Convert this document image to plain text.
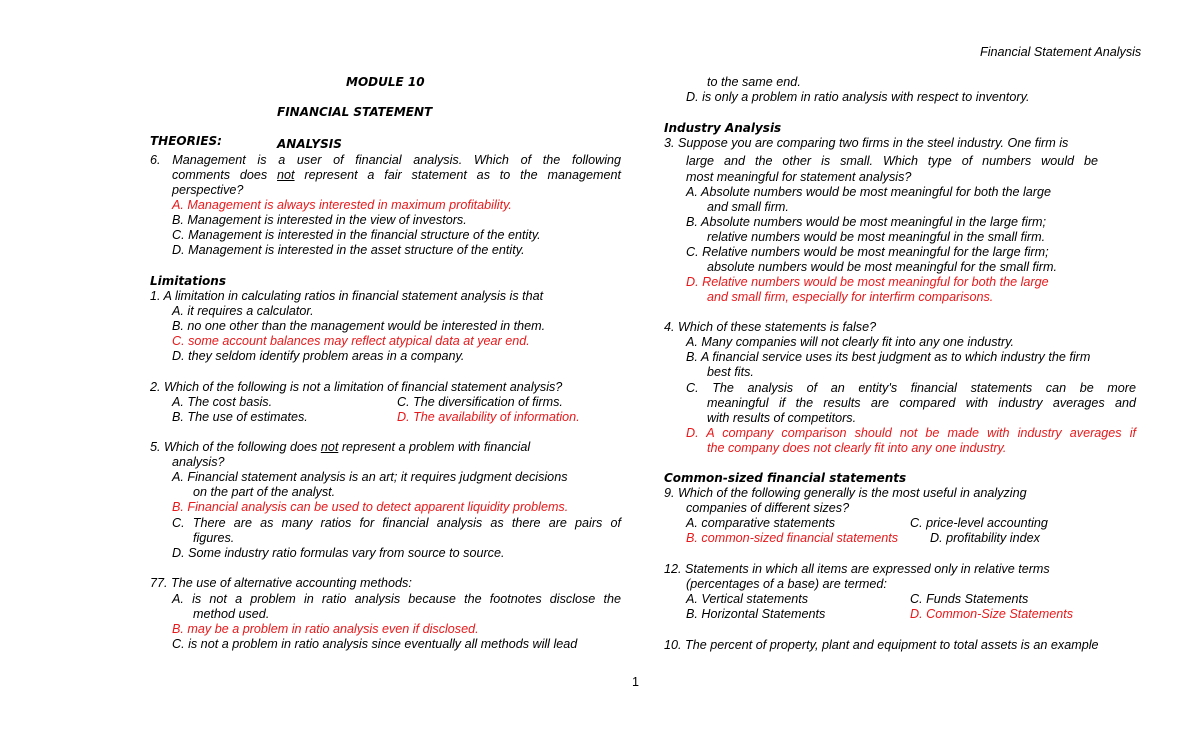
Financial Statement Analysis
MODULE 10
FINANCIAL STATEMENT
THEORIES:	ANALYSIS
6. Management is a user of financial analysis. Which of the following
comments does not represent a fair statement as to the management
perspective?
A. Management is always interested in maximum profitability.
B. Management is interested in the view of investors.
C. Management is interested in the financial structure of the entity.
D. Management is interested in the asset structure of the entity.
Limitations
1. A limitation in calculating ratios in financial statement analysis is that
A. it requires a calculator.
B. no one other than the management would be interested in them.
C. some account balances may reflect atypical data at year end.
D. they seldom identify problem areas in a company.
2. Which of the following is not a limitation of financial statement analysis?
A. The cost basis.	C. The diversification of firms.
B. The use of estimates.	D. The availability of information.
5. Which of the following does not represent a problem with financial
analysis?
A. Financial statement analysis is an art; it requires judgment decisions
on the part of the analyst.
B. Financial analysis can be used to detect apparent liquidity problems.
C. There are as many ratios for financial analysis as there are pairs of
figures.
D. Some industry ratio formulas vary from source to source.
77. The use of alternative accounting methods:
A. is not a problem in ratio analysis because the footnotes disclose the
method used.
B. may be a problem in ratio analysis even if disclosed.
C. is not a problem in ratio analysis since eventually all methods will lead
to the same end.
D. is only a problem in ratio analysis with respect to inventory.
Industry Analysis
3. Suppose you are comparing two firms in the steel industry. One firm is
large and the other is small. Which type of numbers would be
most meaningful for statement analysis?
A. Absolute numbers would be most meaningful for both the large
and small firm.
B. Absolute numbers would be most meaningful in the large firm;
relative numbers would be most meaningful in the small firm.
C. Relative numbers would be most meaningful for the large firm;
absolute numbers would be most meaningful for the small firm.
D. Relative numbers would be most meaningful for both the large
and small firm, especially for interfirm comparisons.
4. Which of these statements is false?
A. Many companies will not clearly fit into any one industry.
B. A financial service uses its best judgment as to which industry the firm
best fits.
C. The analysis of an entity's financial statements can be more
meaningful if the results are compared with industry averages and
with results of competitors.
D. A company comparison should not be made with industry averages if
the company does not clearly fit into any one industry.
Common-sized financial statements
9. Which of the following generally is the most useful in analyzing
companies of different sizes?
A. comparative statements	C. price-level accounting
B. common-sized financial statements	D. profitability index
12. Statements in which all items are expressed only in relative terms
(percentages of a base) are termed:
A. Vertical statements	C. Funds Statements
B. Horizontal Statements	D. Common-Size Statements
10. The percent of property, plant and equipment to total assets is an example
1
